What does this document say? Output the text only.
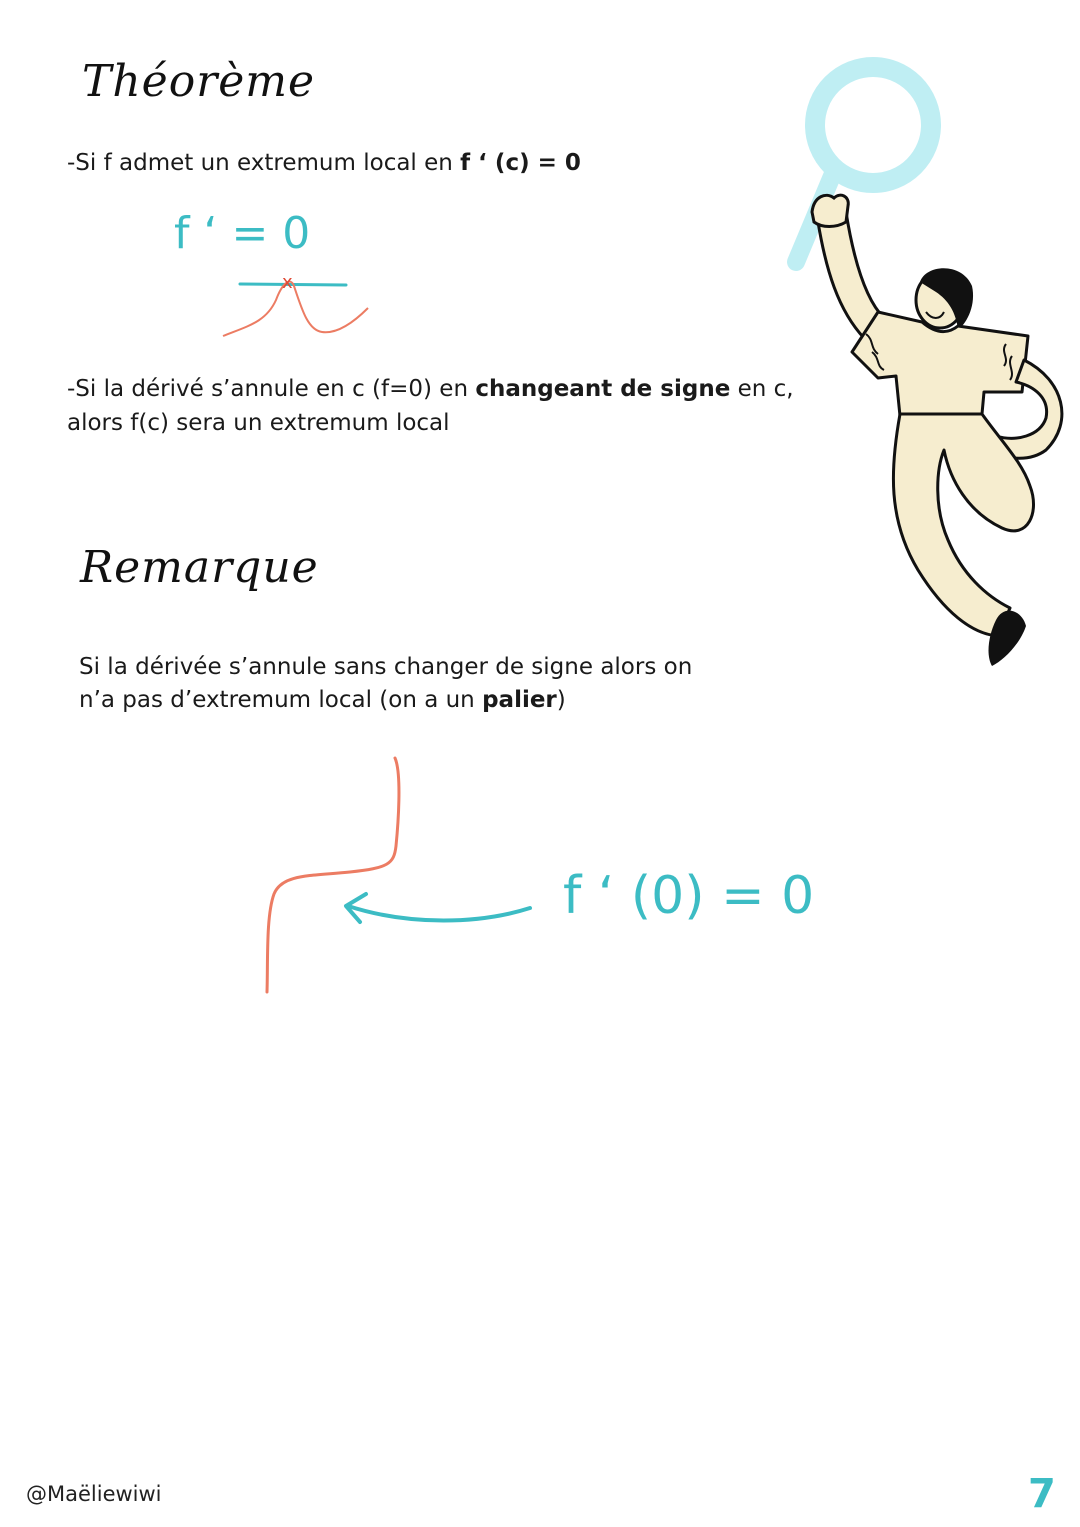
Théorème

-Si f admet un extremum local en f ‘ (c) = 0

f ‘ = 0
x

-Si la dérivé s’annule en c (f=0) en changeant de signe en c,

alors f(c) sera un extremum local

Remarque

Si la dérivée s’annule sans changer de signe alors on

n’a pas d’extremum local (on a un palier)

f ‘ (0) = 0
@Maëliewiwi	7
